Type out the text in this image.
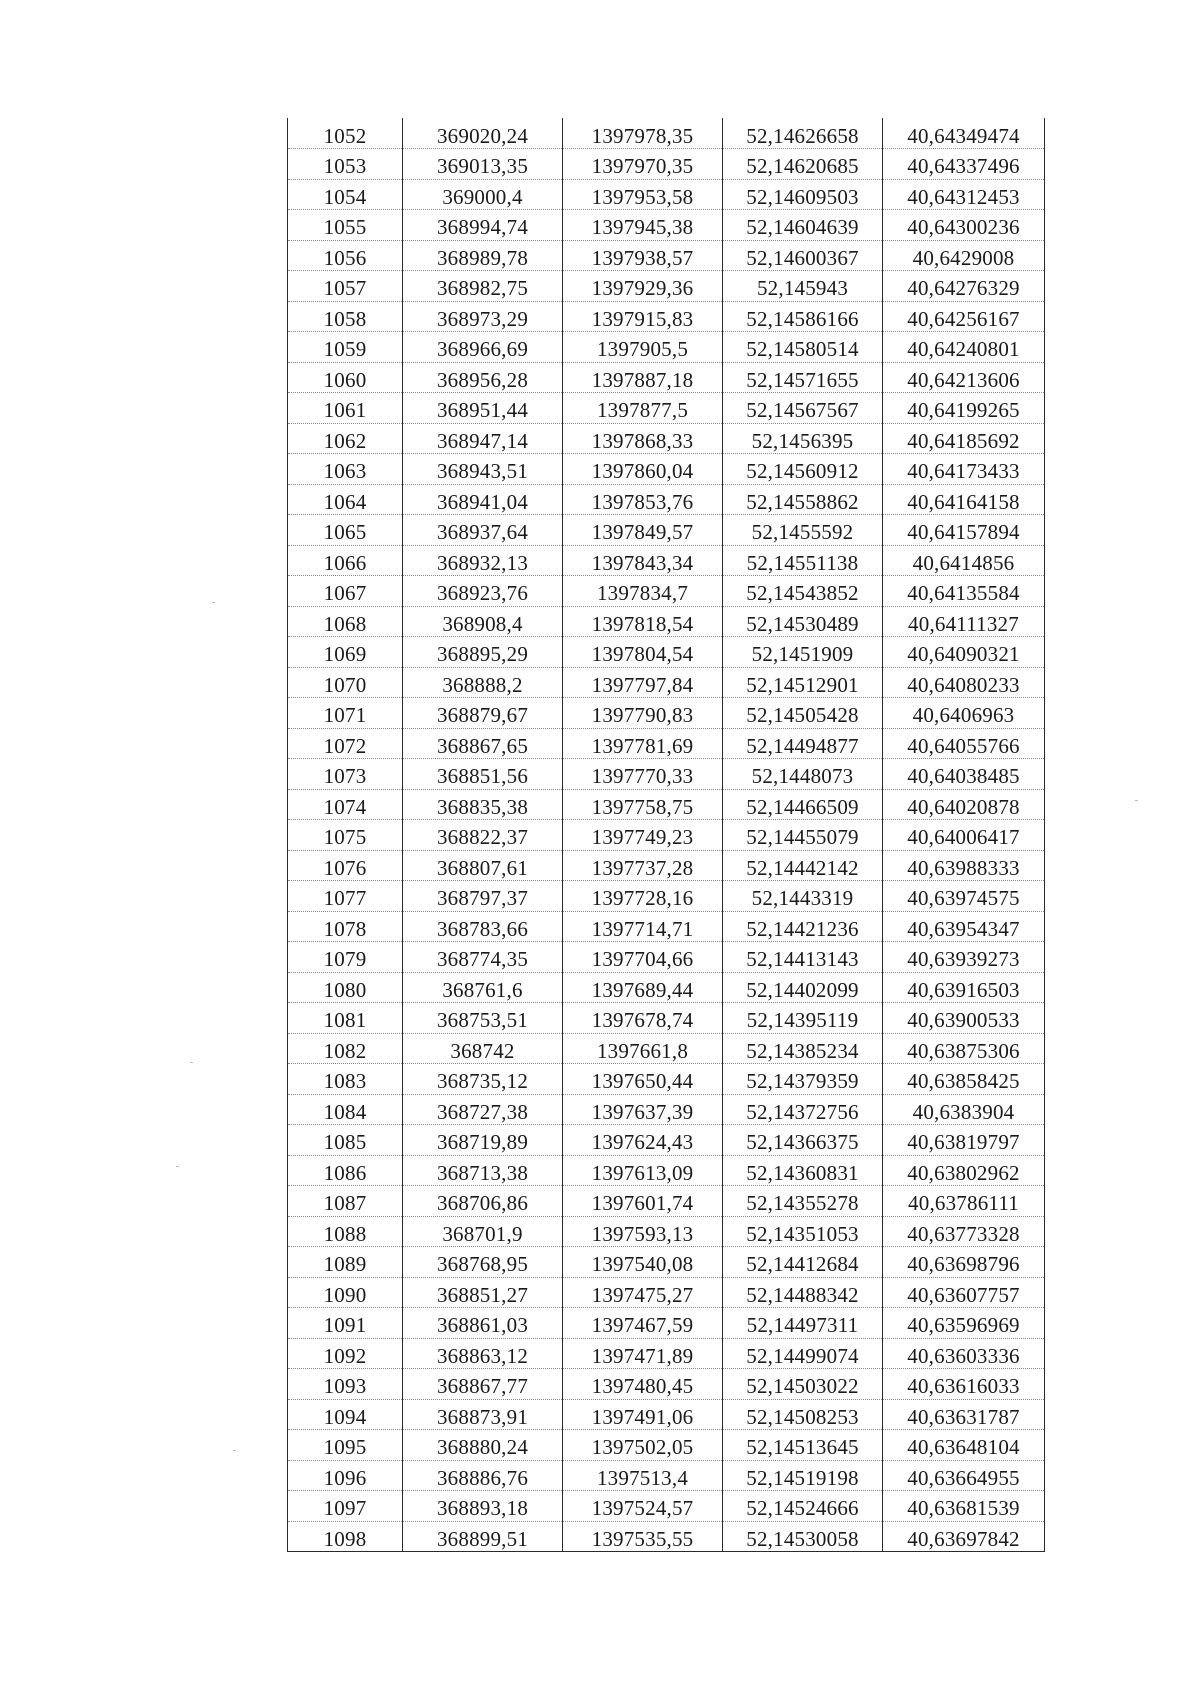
1052	369020,24	1397978,35	52,14626658	40,64349474
1053	369013,35	1397970,35	52,14620685	40,64337496
1054	369000,4	1397953,58	52,14609503	40,64312453
1055	368994,74	1397945,38	52,14604639	40,64300236
1056	368989,78	1397938,57	52,14600367	40,6429008
1057	368982,75	1397929,36	52,145943	40,64276329
1058	368973,29	1397915,83	52,14586166	40,64256167
1059	368966,69	1397905,5	52,14580514	40,64240801
1060	368956,28	1397887,18	52,14571655	40,64213606
1061	368951,44	1397877,5	52,14567567	40,64199265
1062	368947,14	1397868,33	52,1456395	40,64185692
1063	368943,51	1397860,04	52,14560912	40,64173433
1064	368941,04	1397853,76	52,14558862	40,64164158
1065	368937,64	1397849,57	52,1455592	40,64157894
1066	368932,13	1397843,34	52,14551138	40,6414856
1067	368923,76	1397834,7	52,14543852	40,64135584
1068	368908,4	1397818,54	52,14530489	40,64111327
1069	368895,29	1397804,54	52,1451909	40,64090321
1070	368888,2	1397797,84	52,14512901	40,64080233
1071	368879,67	1397790,83	52,14505428	40,6406963
1072	368867,65	1397781,69	52,14494877	40,64055766
1073	368851,56	1397770,33	52,1448073	40,64038485
1074	368835,38	1397758,75	52,14466509	40,64020878
1075	368822,37	1397749,23	52,14455079	40,64006417
1076	368807,61	1397737,28	52,14442142	40,63988333
1077	368797,37	1397728,16	52,1443319	40,63974575
1078	368783,66	1397714,71	52,14421236	40,63954347
1079	368774,35	1397704,66	52,14413143	40,63939273
1080	368761,6	1397689,44	52,14402099	40,63916503
1081	368753,51	1397678,74	52,14395119	40,63900533
1082	368742	1397661,8	52,14385234	40,63875306
1083	368735,12	1397650,44	52,14379359	40,63858425
1084	368727,38	1397637,39	52,14372756	40,6383904
1085	368719,89	1397624,43	52,14366375	40,63819797
1086	368713,38	1397613,09	52,14360831	40,63802962
1087	368706,86	1397601,74	52,14355278	40,63786111
1088	368701,9	1397593,13	52,14351053	40,63773328
1089	368768,95	1397540,08	52,14412684	40,63698796
1090	368851,27	1397475,27	52,14488342	40,63607757
1091	368861,03	1397467,59	52,14497311	40,63596969
1092	368863,12	1397471,89	52,14499074	40,63603336
1093	368867,77	1397480,45	52,14503022	40,63616033
1094	368873,91	1397491,06	52,14508253	40,63631787
1095	368880,24	1397502,05	52,14513645	40,63648104
1096	368886,76	1397513,4	52,14519198	40,63664955
1097	368893,18	1397524,57	52,14524666	40,63681539
1098	368899,51	1397535,55	52,14530058	40,63697842
